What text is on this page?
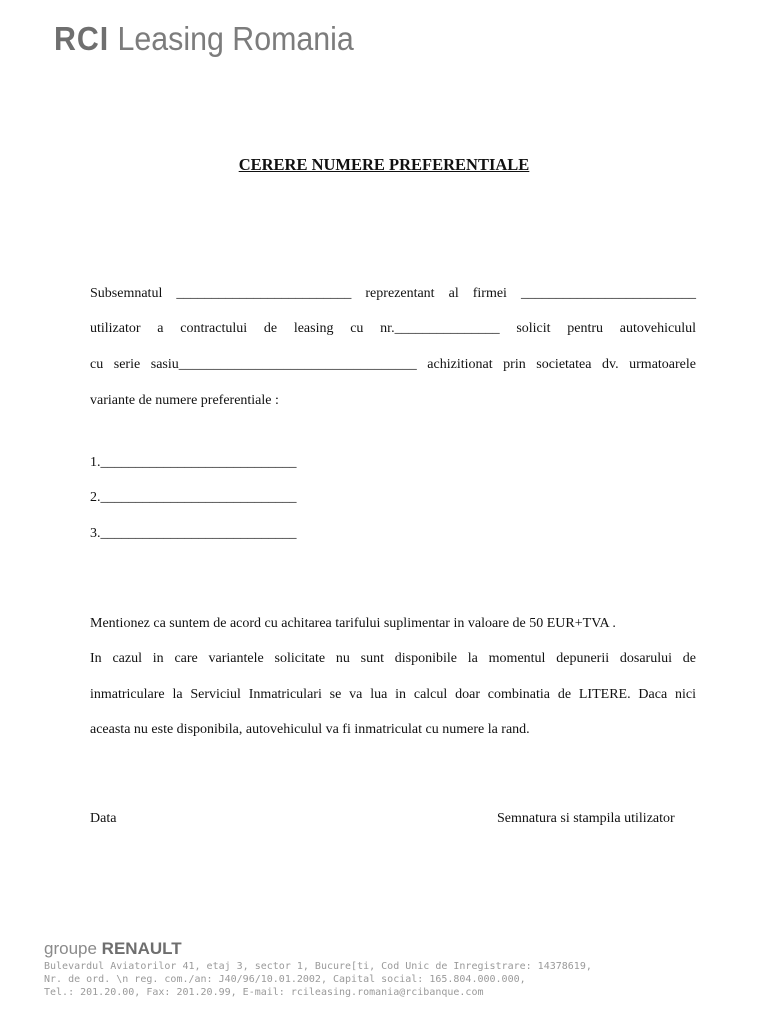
RCI Leasing Romania
CERERE NUMERE PREFERENTIALE
Subsemnatul _________________________ reprezentant al firmei _________________________
utilizator a contractului de leasing cu nr._______________ solicit pentru autovehiculul
cu serie sasiu__________________________________ achizitionat prin societatea dv. urmatoarele
variante de numere preferentiale :
1.____________________________
2.____________________________
3.____________________________
Mentionez ca suntem de acord cu achitarea tarifului suplimentar in valoare de 50 EUR+TVA .
In cazul in care variantele solicitate nu sunt disponibile la momentul depunerii dosarului de
inmatriculare la Serviciul Inmatriculari se va lua in calcul doar combinatia de LITERE. Daca nici
aceasta nu este disponibila, autovehiculul va fi inmatriculat cu numere la rand.
Data	Semnatura si stampila utilizator
groupe RENAULT
Bulevardul Aviatorilor 41, etaj 3, sector 1, Bucure[ti, Cod Unic de Inregistrare: 14378619,
Nr. de ord. \n reg. com./an: J40/96/10.01.2002, Capital social: 165.804.000.000,
Tel.: 201.20.00, Fax: 201.20.99, E-mail: rcileasing.romania@rcibanque.com
